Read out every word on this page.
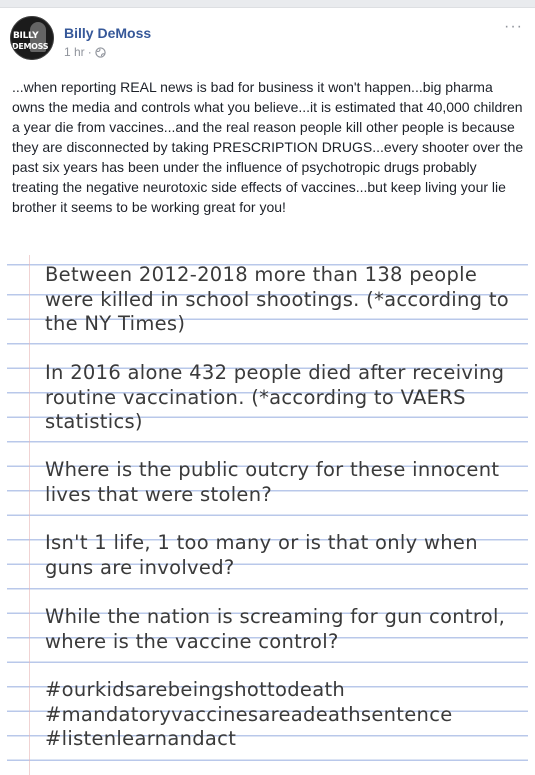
BILLY
DEMOSS
Billy DeMoss
1 hr ·
···
...when reporting REAL news is bad for business it won't happen...big pharma owns the media and controls what you believe...it is estimated that 40,000 children a year die from vaccines...and the real reason people kill other people is because they are disconnected by taking PRESCRIPTION DRUGS...every shooter over the past six years has been under the influence of psychotropic drugs probably treating the negative neurotoxic side effects of vaccines...but keep living your lie brother it seems to be working great for you!
Between 2012-2018 more than 138 people were killed in school shootings. (*according to the NY Times)
In 2016 alone 432 people died after receiving routine vaccination. (*according to VAERS statistics)
Where is the public outcry for these innocent lives that were stolen?
Isn't 1 life, 1 too many or is that only when guns are involved?
While the nation is screaming for gun control, where is the vaccine control?
#ourkidsarebeingshottodeath
#mandatoryvaccinesareadeathsentence
#listenlearnandact
